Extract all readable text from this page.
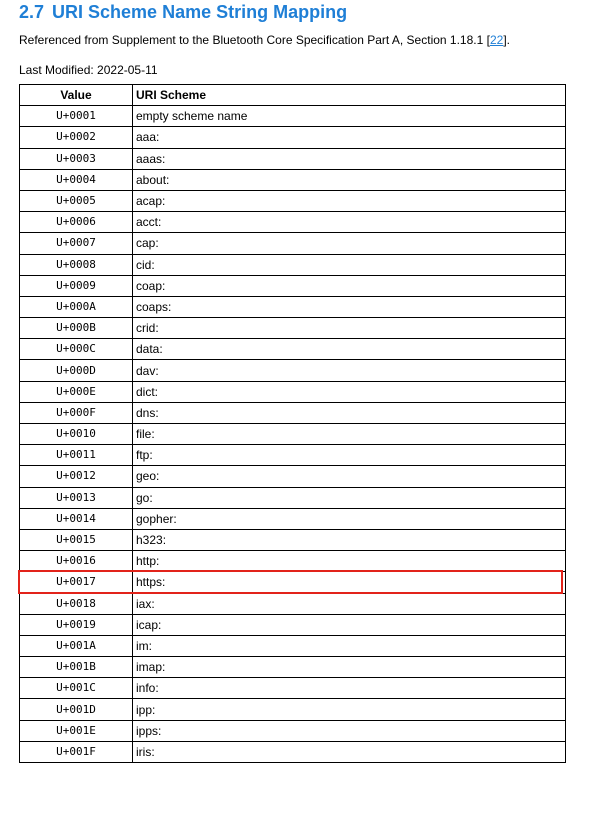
2.7 URI Scheme Name String Mapping
Referenced from Supplement to the Bluetooth Core Specification Part A, Section 1.18.1 [22].
Last Modified: 2022-05-11
Value	URI Scheme
U+0001	empty scheme name
U+0002	aaa:
U+0003	aaas:
U+0004	about:
U+0005	acap:
U+0006	acct:
U+0007	cap:
U+0008	cid:
U+0009	coap:
U+000A	coaps:
U+000B	crid:
U+000C	data:
U+000D	dav:
U+000E	dict:
U+000F	dns:
U+0010	file:
U+0011	ftp:
U+0012	geo:
U+0013	go:
U+0014	gopher:
U+0015	h323:
U+0016	http:
U+0017	https:
U+0018	iax:
U+0019	icap:
U+001A	im:
U+001B	imap:
U+001C	info:
U+001D	ipp:
U+001E	ipps:
U+001F	iris:
